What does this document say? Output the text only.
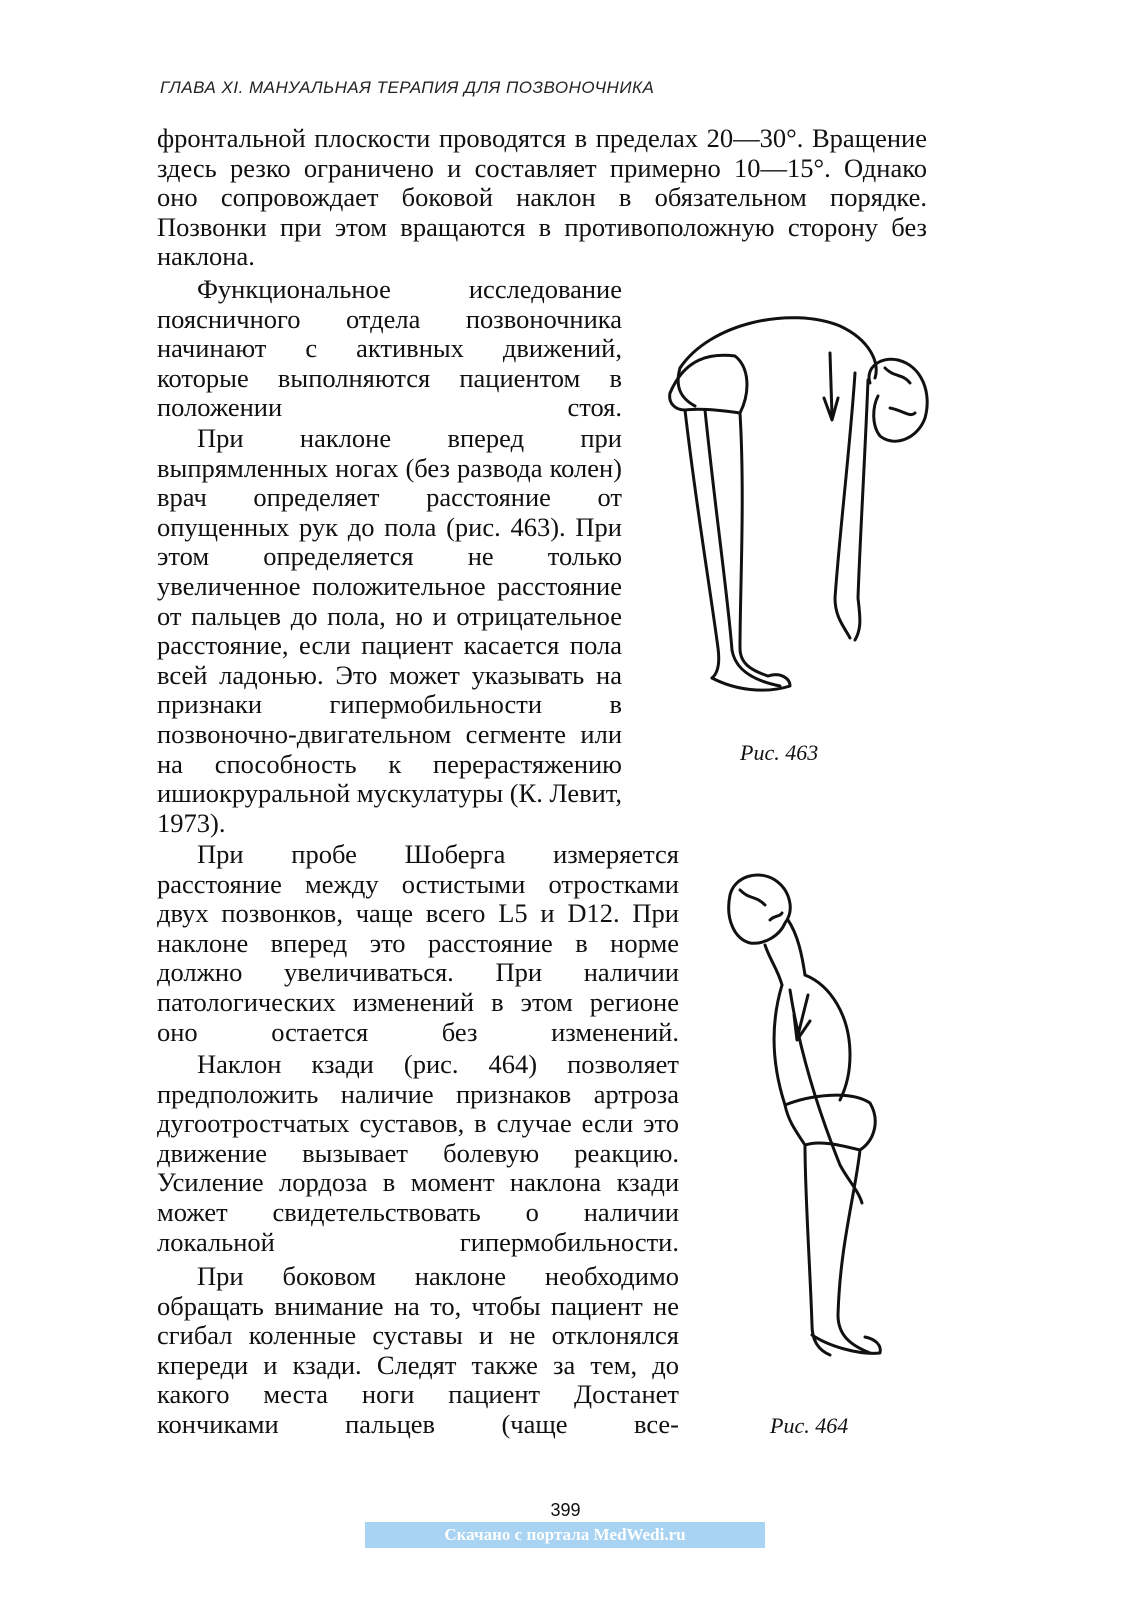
ГЛАВА XI. МАНУАЛЬНАЯ ТЕРАПИЯ ДЛЯ ПОЗВОНОЧНИКА

фронтальной плоскости проводятся в пределах 20—30°. Вращение здесь резко ограничено и составляет примерно 10—15°. Однако оно сопровождает боковой наклон в обязательном порядке. Позвонки при этом вращаются в противоположную сторону без наклона.

Функциональное исследование поясничного отдела позвоночника начинают с активных движений, которые выполняются пациентом в положении стоя.

При наклоне вперед при выпрямленных ногах (без развода колен) врач определяет расстояние от опущенных рук до пола (рис. 463). При этом определяется не только увеличенное положительное расстояние от пальцев до пола, но и отрицательное расстояние, если пациент касается пола всей ладонью. Это может указывать на признаки гипермобильности в позвоночно-двигательном сегменте или на способность к перерастяжению ишиокруральной мускулатуры (К. Левит, 1973).

При пробе Шоберга измеряется расстояние между остистыми отростками двух позвонков, чаще всего L5 и D12. При наклоне вперед это расстояние в норме должно увеличиваться. При наличии патологических изменений в этом регионе оно остается без изменений.

Наклон кзади (рис. 464) позволяет предположить наличие признаков артроза дугоотростчатых суставов, в случае если это движение вызывает болевую реакцию. Усиление лордоза в момент наклона кзади может свидетельствовать о наличии локальной гипермобильности.

При боковом наклоне необходимо обращать внимание на то, чтобы пациент не сгибал коленные суставы и не отклонялся кпереди и кзади. Следят также за тем, до какого места ноги пациент Достанет кончиками пальцев (чаще все-

Рис. 463
Рис. 464
399
Скачано с портала MedWedi.ru
